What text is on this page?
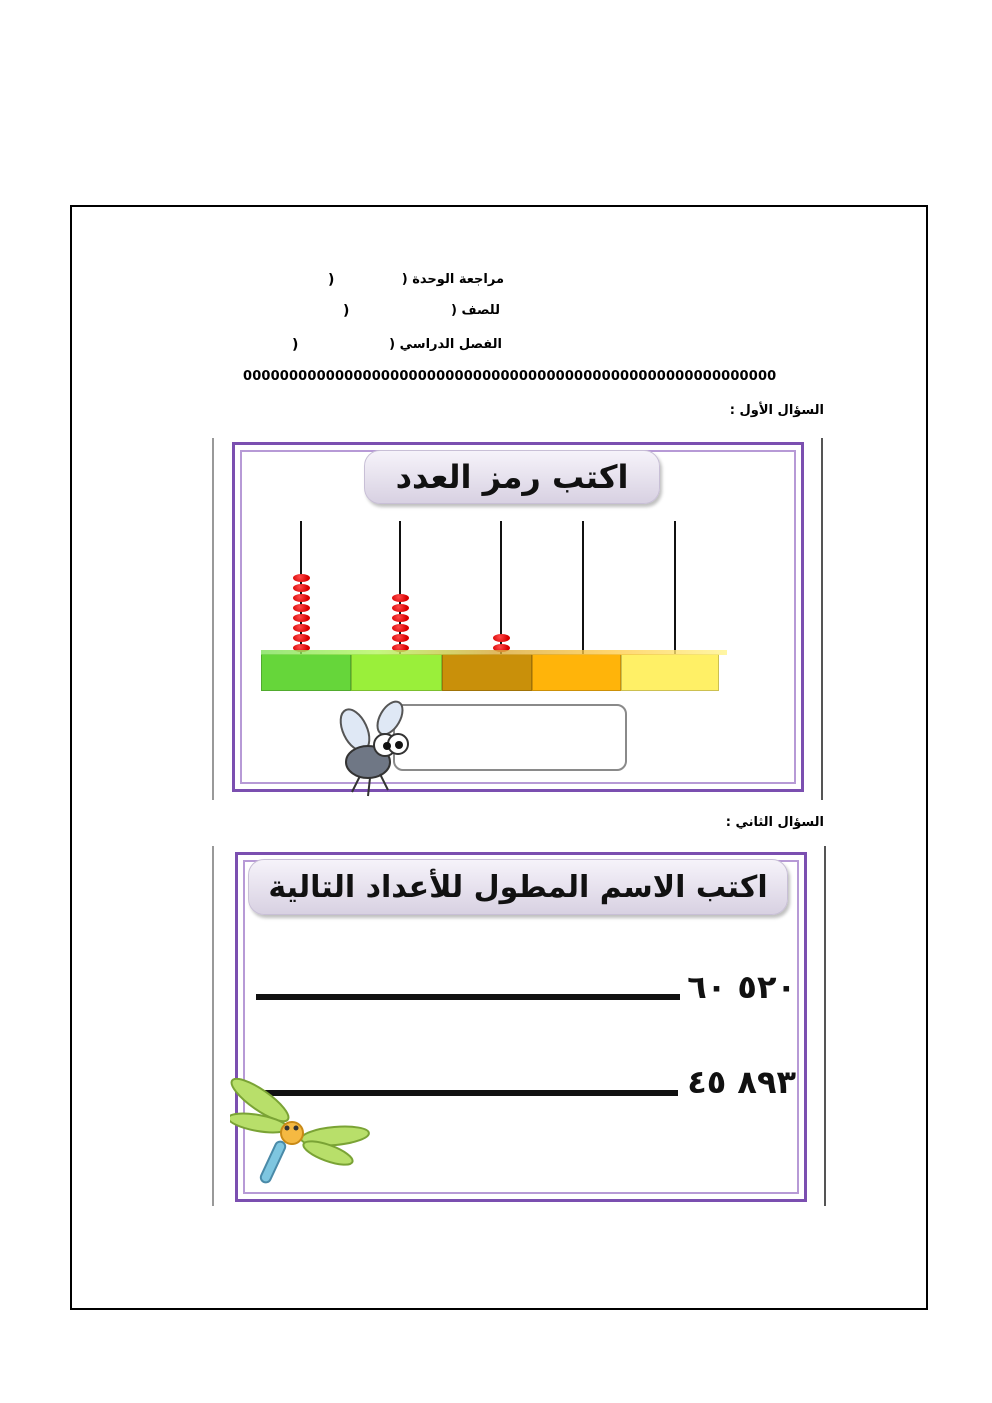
مراجعة الوحدة (
)
للصف (
)
الفصل الدراسي (
)
0000000000000000000000000000000000000000000000000000000000
السؤال الأول :
اكتب رمز العدد
السؤال الثاني :
اكتب الاسم المطول للأعداد التالية
٥٢٠ ٦٠
٨٩٣ ٤٥
